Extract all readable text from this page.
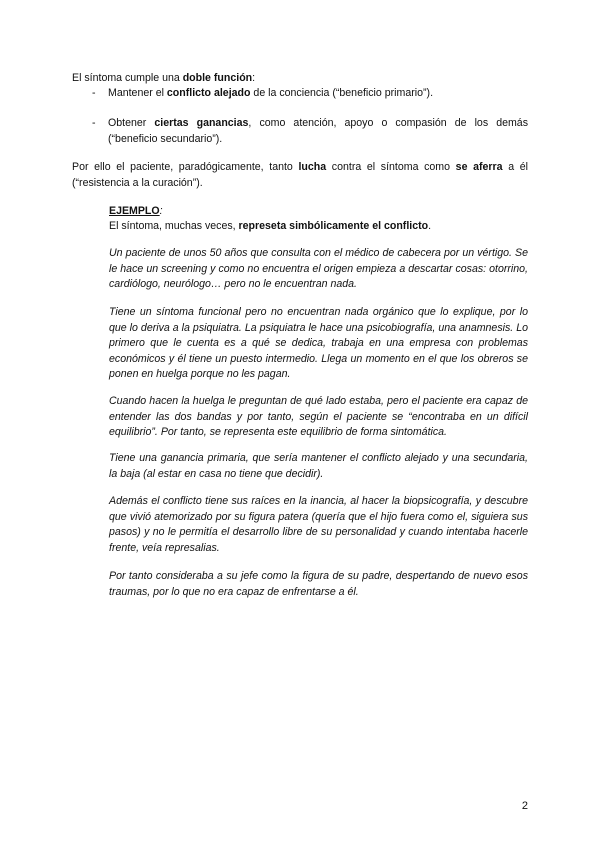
El síntoma cumple una doble función:
- Mantener el conflicto alejado de la conciencia (“beneficio primario”).
- Obtener ciertas ganancias, como atención, apoyo o compasión de los demás (“beneficio secundario”).
Por ello el paciente, paradógicamente, tanto lucha contra el síntoma como se aferra a él (“resistencia a la curación”).
EJEMPLO:
El síntoma, muchas veces, represeta simbólicamente el conflicto.
Un paciente de unos 50 años que consulta con el médico de cabecera por un vértigo. Se le hace un screening y como no encuentra el origen empieza a descartar cosas: otorrino, cardiólogo, neurólogo… pero no le encuentran nada.
Tiene un síntoma funcional pero no encuentran nada orgánico que lo explique, por lo que lo deriva a la psiquiatra. La psiquiatra le hace una psicobiografía, una anamnesis. Lo primero que le cuenta es a qué se dedica, trabaja en una empresa con problemas económicos y él tiene un puesto intermedio. Llega un momento en el que los obreros se ponen en huelga porque no les pagan.
Cuando hacen la huelga le preguntan de qué lado estaba, pero el paciente era capaz de entender las dos bandas y por tanto, según el paciente se “encontraba en un difícil equilibrio”. Por tanto, se representa este equilibrio de forma sintomática.
Tiene una ganancia primaria, que sería mantener el conflicto alejado y una secundaria, la baja (al estar en casa no tiene que decidir).
Además el conflicto tiene sus raíces en la inancia, al hacer la biopsicografía, y descubre que vivió atemorizado por su figura patera (quería que el hijo fuera como el, siguiera sus pasos) y no le permitía el desarrollo libre de su personalidad y cuando intentaba hacerle frente, veía represalias.
Por tanto consideraba a su jefe como la figura de su padre, despertando de nuevo esos traumas, por lo que no era capaz de enfrentarse a él.
2
